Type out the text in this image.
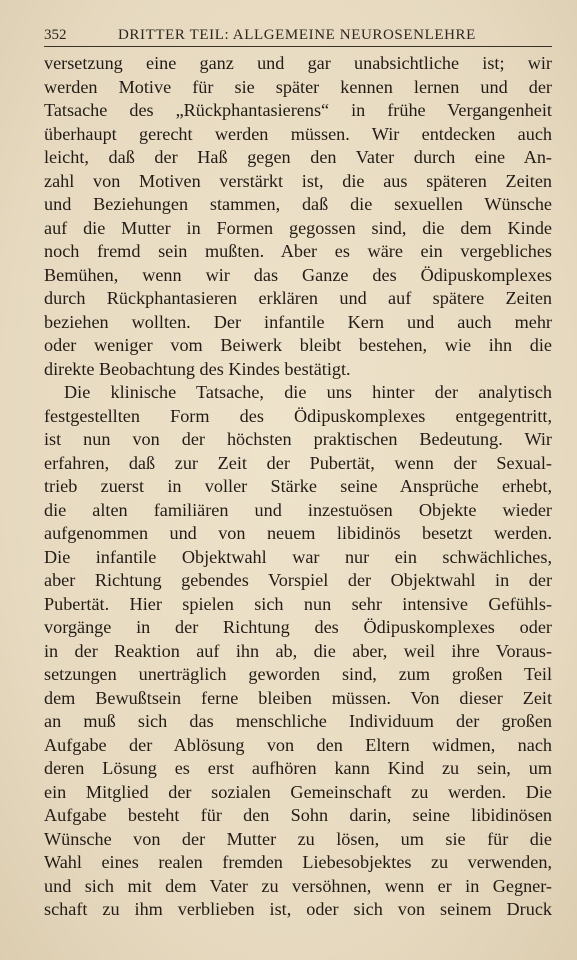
352	DRITTER TEIL: ALLGEMEINE NEUROSENLEHRE
versetzung eine ganz und gar unabsichtliche ist; wir
werden Motive für sie später kennen lernen und der
Tatsache des „Rückphantasierens“ in frühe Vergangenheit
überhaupt gerecht werden müssen. Wir entdecken auch
leicht, daß der Haß gegen den Vater durch eine An-
zahl von Motiven verstärkt ist, die aus späteren Zeiten
und Beziehungen stammen, daß die sexuellen Wünsche
auf die Mutter in Formen gegossen sind, die dem Kinde
noch fremd sein mußten. Aber es wäre ein vergebliches
Bemühen, wenn wir das Ganze des Ödipuskomplexes
durch Rückphantasieren erklären und auf spätere Zeiten
beziehen wollten. Der infantile Kern und auch mehr
oder weniger vom Beiwerk bleibt bestehen, wie ihn die
direkte Beobachtung des Kindes bestätigt.
Die klinische Tatsache, die uns hinter der analytisch
festgestellten Form des Ödipuskomplexes entgegentritt,
ist nun von der höchsten praktischen Bedeutung. Wir
erfahren, daß zur Zeit der Pubertät, wenn der Sexual-
trieb zuerst in voller Stärke seine Ansprüche erhebt,
die alten familiären und inzestuösen Objekte wieder
aufgenommen und von neuem libidinös besetzt werden.
Die infantile Objektwahl war nur ein schwächliches,
aber Richtung gebendes Vorspiel der Objektwahl in der
Pubertät. Hier spielen sich nun sehr intensive Gefühls-
vorgänge in der Richtung des Ödipuskomplexes oder
in der Reaktion auf ihn ab, die aber, weil ihre Voraus-
setzungen unerträglich geworden sind, zum großen Teil
dem Bewußtsein ferne bleiben müssen. Von dieser Zeit
an muß sich das menschliche Individuum der großen
Aufgabe der Ablösung von den Eltern widmen, nach
deren Lösung es erst aufhören kann Kind zu sein, um
ein Mitglied der sozialen Gemeinschaft zu werden. Die
Aufgabe besteht für den Sohn darin, seine libidinösen
Wünsche von der Mutter zu lösen, um sie für die
Wahl eines realen fremden Liebesobjektes zu verwenden,
und sich mit dem Vater zu versöhnen, wenn er in Gegner-
schaft zu ihm verblieben ist, oder sich von seinem Druck
